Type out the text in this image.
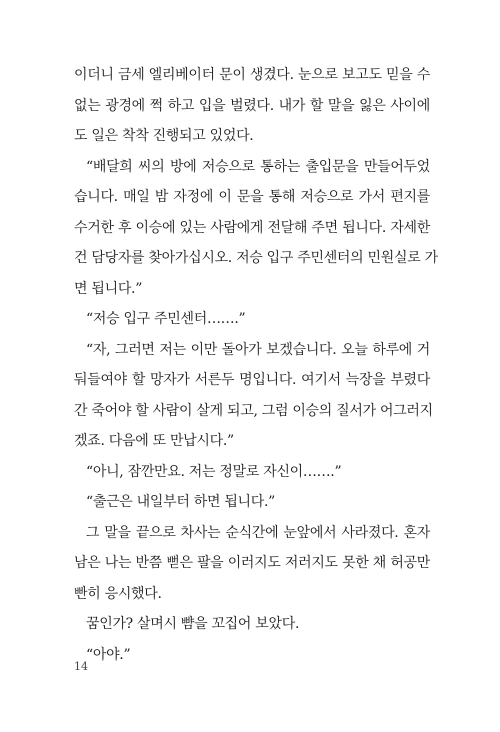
이더니 금세 엘리베이터 문이 생겼다. 눈으로 보고도 믿을 수
없는 광경에 쩍 하고 입을 벌렸다. 내가 할 말을 잃은 사이에
도 일은 착착 진행되고 있었다.
“배달희 씨의 방에 저승으로 통하는 출입문을 만들어두었
습니다. 매일 밤 자정에 이 문을 통해 저승으로 가서 편지를
수거한 후 이승에 있는 사람에게 전달해 주면 됩니다. 자세한
건 담당자를 찾아가십시오. 저승 입구 주민센터의 민원실로 가
면 됩니다.”
“저승 입구 주민센터…….”
“자, 그러면 저는 이만 돌아가 보겠습니다. 오늘 하루에 거
둬들여야 할 망자가 서른두 명입니다. 여기서 늑장을 부렸다
간 죽어야 할 사람이 살게 되고, 그럼 이승의 질서가 어그러지
겠죠. 다음에 또 만납시다.”
“아니, 잠깐만요. 저는 정말로 자신이…….”
“출근은 내일부터 하면 됩니다.”
그 말을 끝으로 차사는 순식간에 눈앞에서 사라졌다. 혼자
남은 나는 반쯤 뻗은 팔을 이러지도 저러지도 못한 채 허공만
빤히 응시했다.
꿈인가? 살며시 뺨을 꼬집어 보았다.
“아야.”
14
